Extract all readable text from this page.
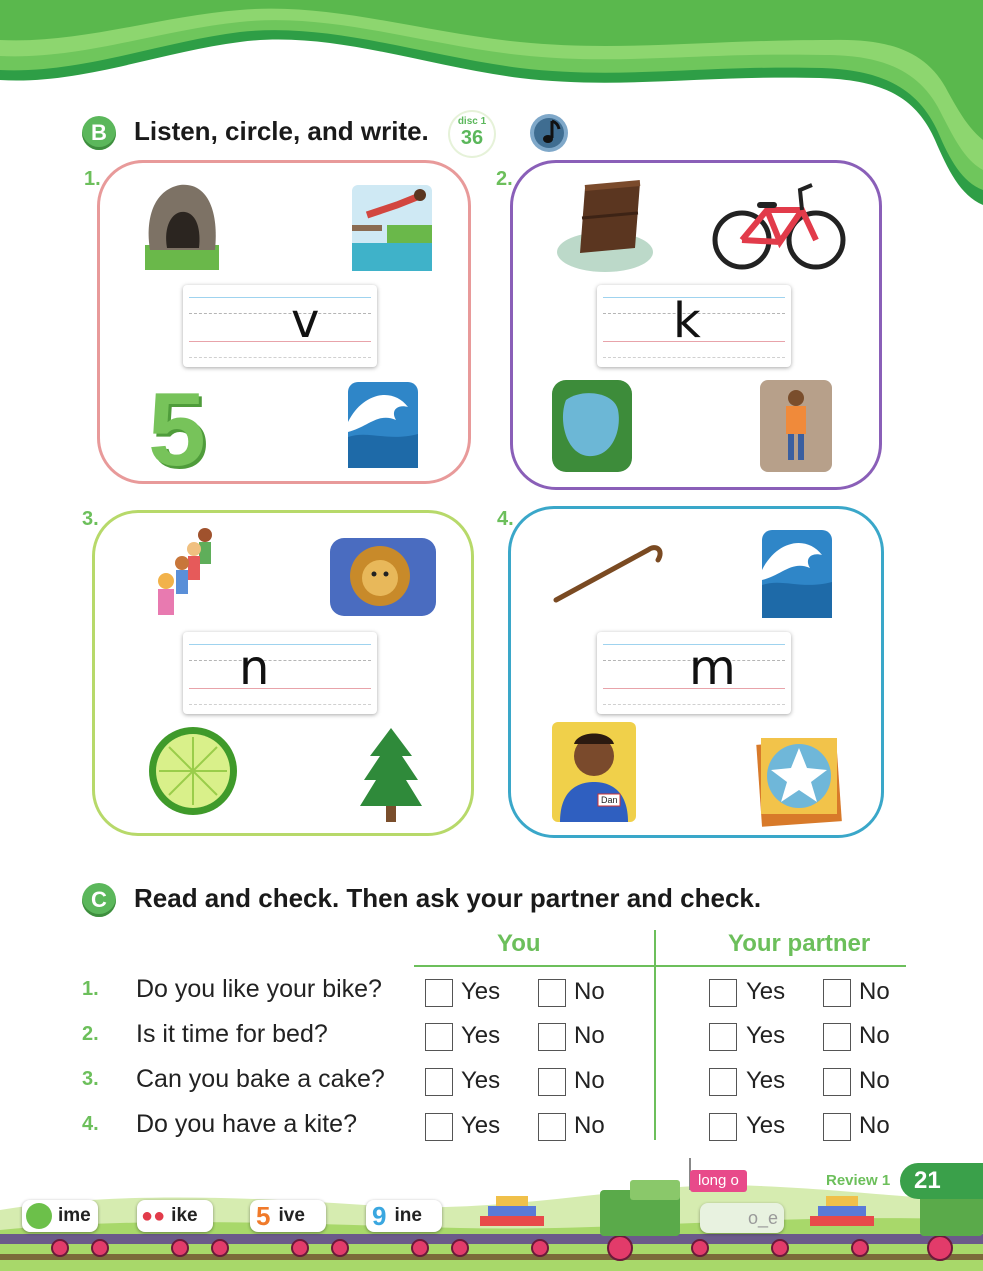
B	Listen, circle, and write.	disc 1
36
1.
v
5
2.
k
3.
n
4.
m
Dan
C	Read and check. Then ask your partner and check.
You	Your partner
1. Do you like your bike?	Yes	No	Yes	No
2. Is it time for bed?	Yes	No	Yes	No
3. Can you bake a cake?	Yes	No	Yes	No
4. Do you have a kite?	Yes	No	Yes	No
ime	●● ike 5 ive	9 ine
long o
o_e
Review 1 21
